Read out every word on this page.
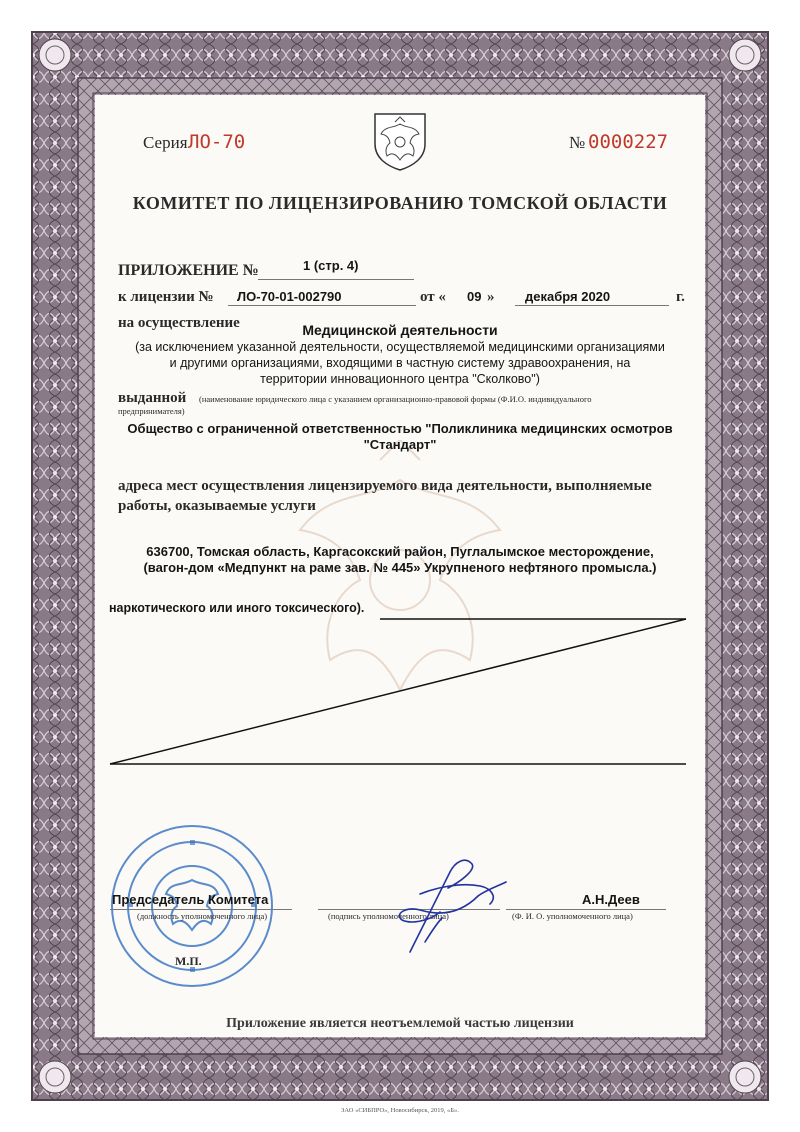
Серия ЛО-70	№ 0000227
КОМИТЕТ ПО ЛИЦЕНЗИРОВАНИЮ ТОМСКОЙ ОБЛАСТИ
ПРИЛОЖЕНИЕ №	1 (стр. 4)
к лицензии № ЛО-70-01-002790	от « 09 » декабря 2020	г.
на осуществление	Медицинской деятельности
(за исключением указанной деятельности, осуществляемой медицинскими организациями
и другими организациями, входящими в частную систему здравоохранения, на
территории инновационного центра "Сколково")
выданной (наименование юридического лица с указанием организационно-правовой формы (Ф.И.О. индивидуального
предпринимателя)
Общество с ограниченной ответственностью "Поликлиника медицинских осмотров
"Стандарт"
адреса мест осуществления лицензируемого вида деятельности, выполняемые
работы, оказываемые услуги
636700, Томская область, Каргасокский район, Пуглалымское месторождение,
(вагон-дом «Медпункт на раме зав. № 445» Укрупненого нефтяного промысла.)
наркотического или иного токсического).
Председатель Комитета
(должность уполномоченного лица)	(подпись уполномоченного лица)
А.Н.Деев
(Ф. И. О. уполномоченного лица)
М.П.
Приложение является неотъемлемой частью лицензии
ЗАО «СИБПРО», Новосибирск, 2019, «Б».
